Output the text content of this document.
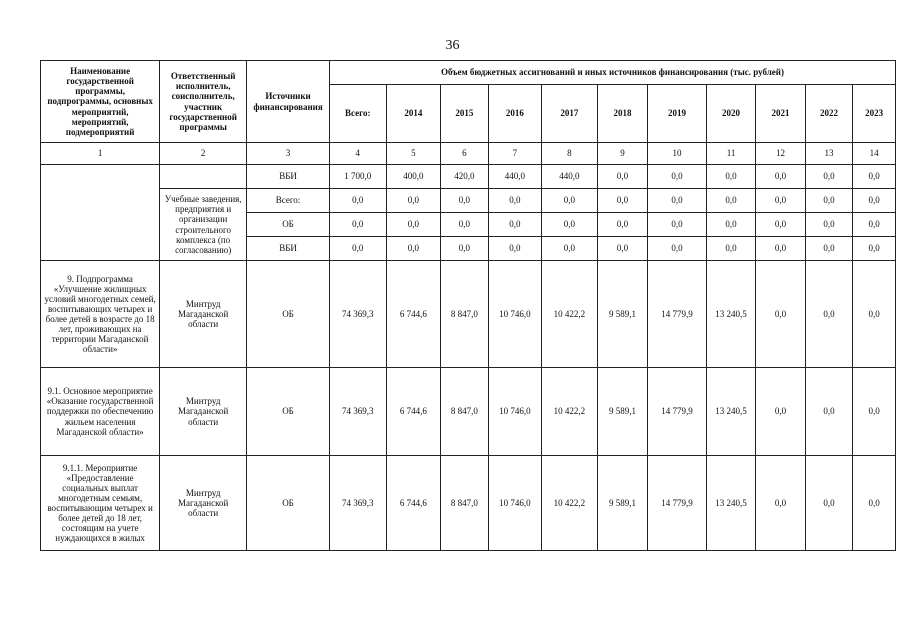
36
Наименование государственной программы, подпрограммы, основных мероприятий, мероприятий, подмероприятий	Ответственный исполнитель, соисполнитель, участник государственной программы	Источники финансирования	Объем бюджетных ассигнований и иных источников финансирования (тыс. рублей)										
			Всего:	2014	2015	2016	2017	2018	2019	2020	2021	2022	2023
1	2	3	4	5	6	7	8	9	10	11	12	13	14
		ВБИ	1 700,0	400,0	420,0	440,0	440,0	0,0	0,0	0,0	0,0	0,0	0,0
	Учебные заведения, предприятия и организации строительного комплекса (по согласованию)	Всего:	0,0	0,0	0,0	0,0	0,0	0,0	0,0	0,0	0,0	0,0	0,0
		ОБ	0,0	0,0	0,0	0,0	0,0	0,0	0,0	0,0	0,0	0,0	0,0
		ВБИ	0,0	0,0	0,0	0,0	0,0	0,0	0,0	0,0	0,0	0,0	0,0
9. Подпрограмма «Улучшение жилищных условий многодетных семей, воспитывающих четырех и более детей в возрасте до 18 лет, проживающих на территории Магаданской области»	Минтруд Магаданской области	ОБ	74 369,3	6 744,6	8 847,0	10 746,0	10 422,2	9 589,1	14 779,9	13 240,5	0,0	0,0	0,0
9.1. Основное мероприятие «Оказание государственной поддержки по обеспечению жильем населения Магаданской области»	Минтруд Магаданской области	ОБ	74 369,3	6 744,6	8 847,0	10 746,0	10 422,2	9 589,1	14 779,9	13 240,5	0,0	0,0	0,0
9.1.1. Мероприятие «Предоставление социальных выплат многодетным семьям, воспитывающим четырех и более детей до 18 лет, состоящим на учете нуждающихся в жилых	Минтруд Магаданской области	ОБ	74 369,3	6 744,6	8 847,0	10 746,0	10 422,2	9 589,1	14 779,9	13 240,5	0,0	0,0	0,0
